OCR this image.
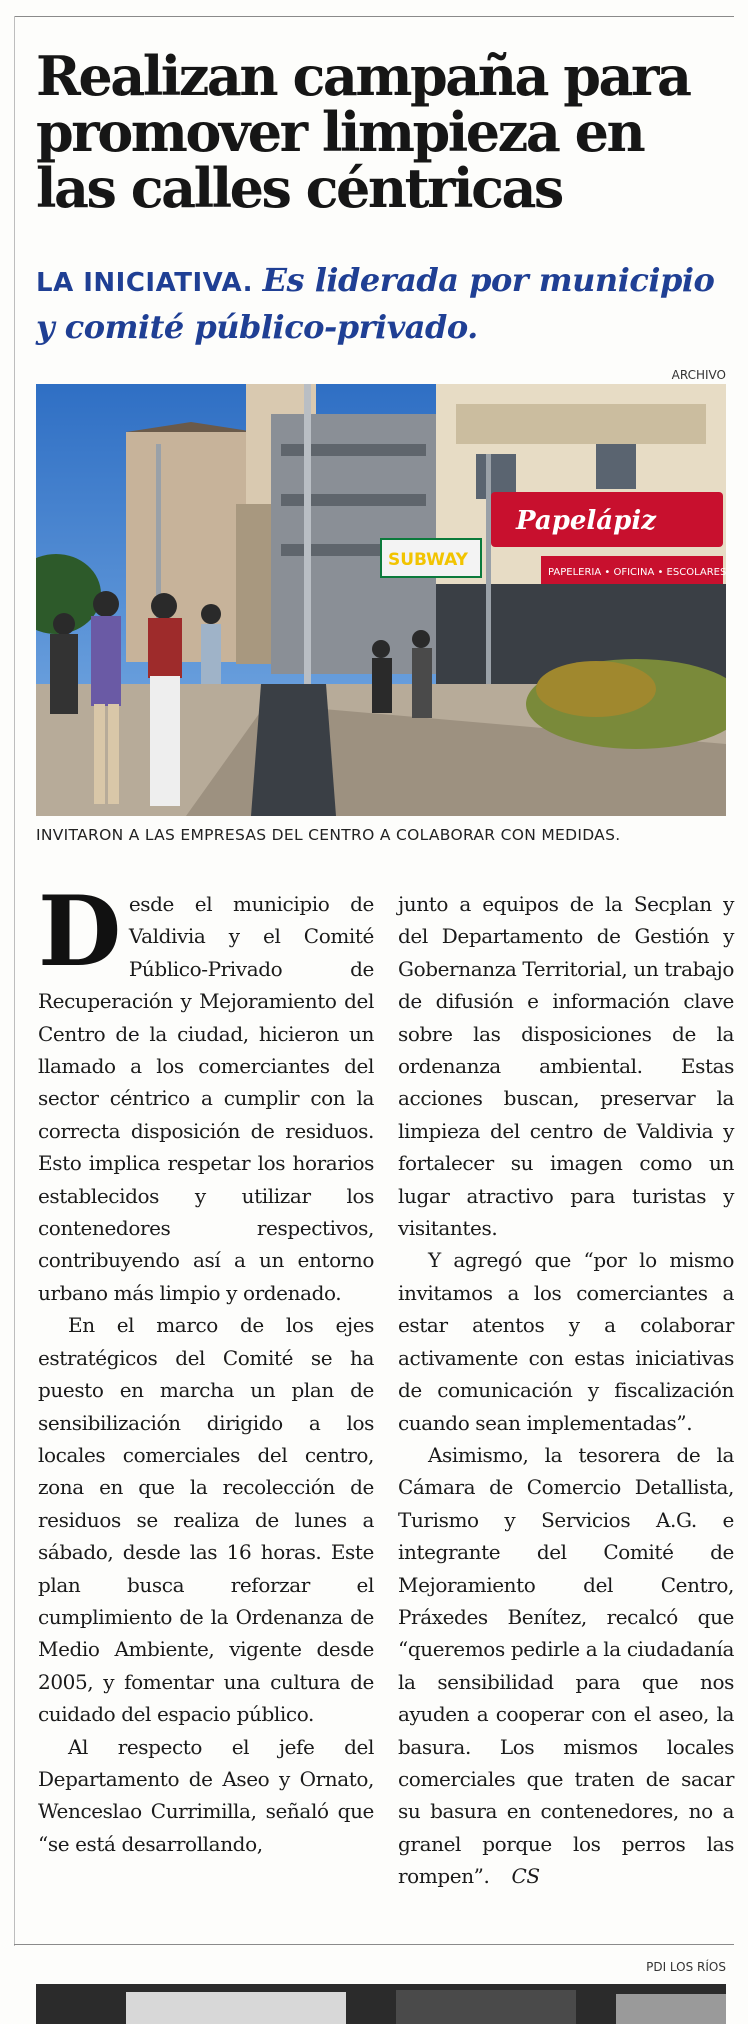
Realizan campaña para promover limpieza en las calles céntricas

LA INICIATIVA. Es liderada por municipio y comité público-privado.

ARCHIVO
Papelápiz
PAPELERIA • OFICINA • ESCOLARES
SUBWAY
INVITARON A LAS EMPRESAS DEL CENTRO A COLABORAR CON MEDIDAS.

Desde el municipio de Valdivia y el Comité Público-Privado de Recuperación y Mejoramiento del Centro de la ciudad, hicieron un llamado a los comerciantes del sector céntrico a cumplir con la correcta disposición de residuos. Esto implica respetar los horarios establecidos y utilizar los contenedores respectivos, contribuyendo así a un entorno urbano más limpio y ordenado.

En el marco de los ejes estratégicos del Comité se ha puesto en marcha un plan de sensibilización dirigido a los locales comerciales del centro, zona en que la recolección de residuos se realiza de lunes a sábado, desde las 16 horas. Este plan busca reforzar el cumplimiento de la Ordenanza de Medio Ambiente, vigente desde 2005, y fomentar una cultura de cuidado del espacio público.

Al respecto el jefe del Departamento de Aseo y Ornato, Wenceslao Currimilla, señaló que “se está desarrollando,

junto a equipos de la Secplan y del Departamento de Gestión y Gobernanza Territorial, un trabajo de difusión e información clave sobre las disposiciones de la ordenanza ambiental. Estas acciones buscan, preservar la limpieza del centro de Valdivia y fortalecer su imagen como un lugar atractivo para turistas y visitantes.

Y agregó que “por lo mismo invitamos a los comerciantes a estar atentos y a colaborar activamente con estas iniciativas de comunicación y fiscalización cuando sean implementadas”.

Asimismo, la tesorera de la Cámara de Comercio Detallista, Turismo y Servicios A.G. e integrante del Comité de Mejoramiento del Centro, Práxedes Benítez, recalcó que “queremos pedirle a la ciudadanía la sensibilidad para que nos ayuden a cooperar con el aseo, la basura. Los mismos locales comerciales que traten de sacar su basura en contenedores, no a granel porque los perros las rompen”. CS

PDI LOS RÍOS
